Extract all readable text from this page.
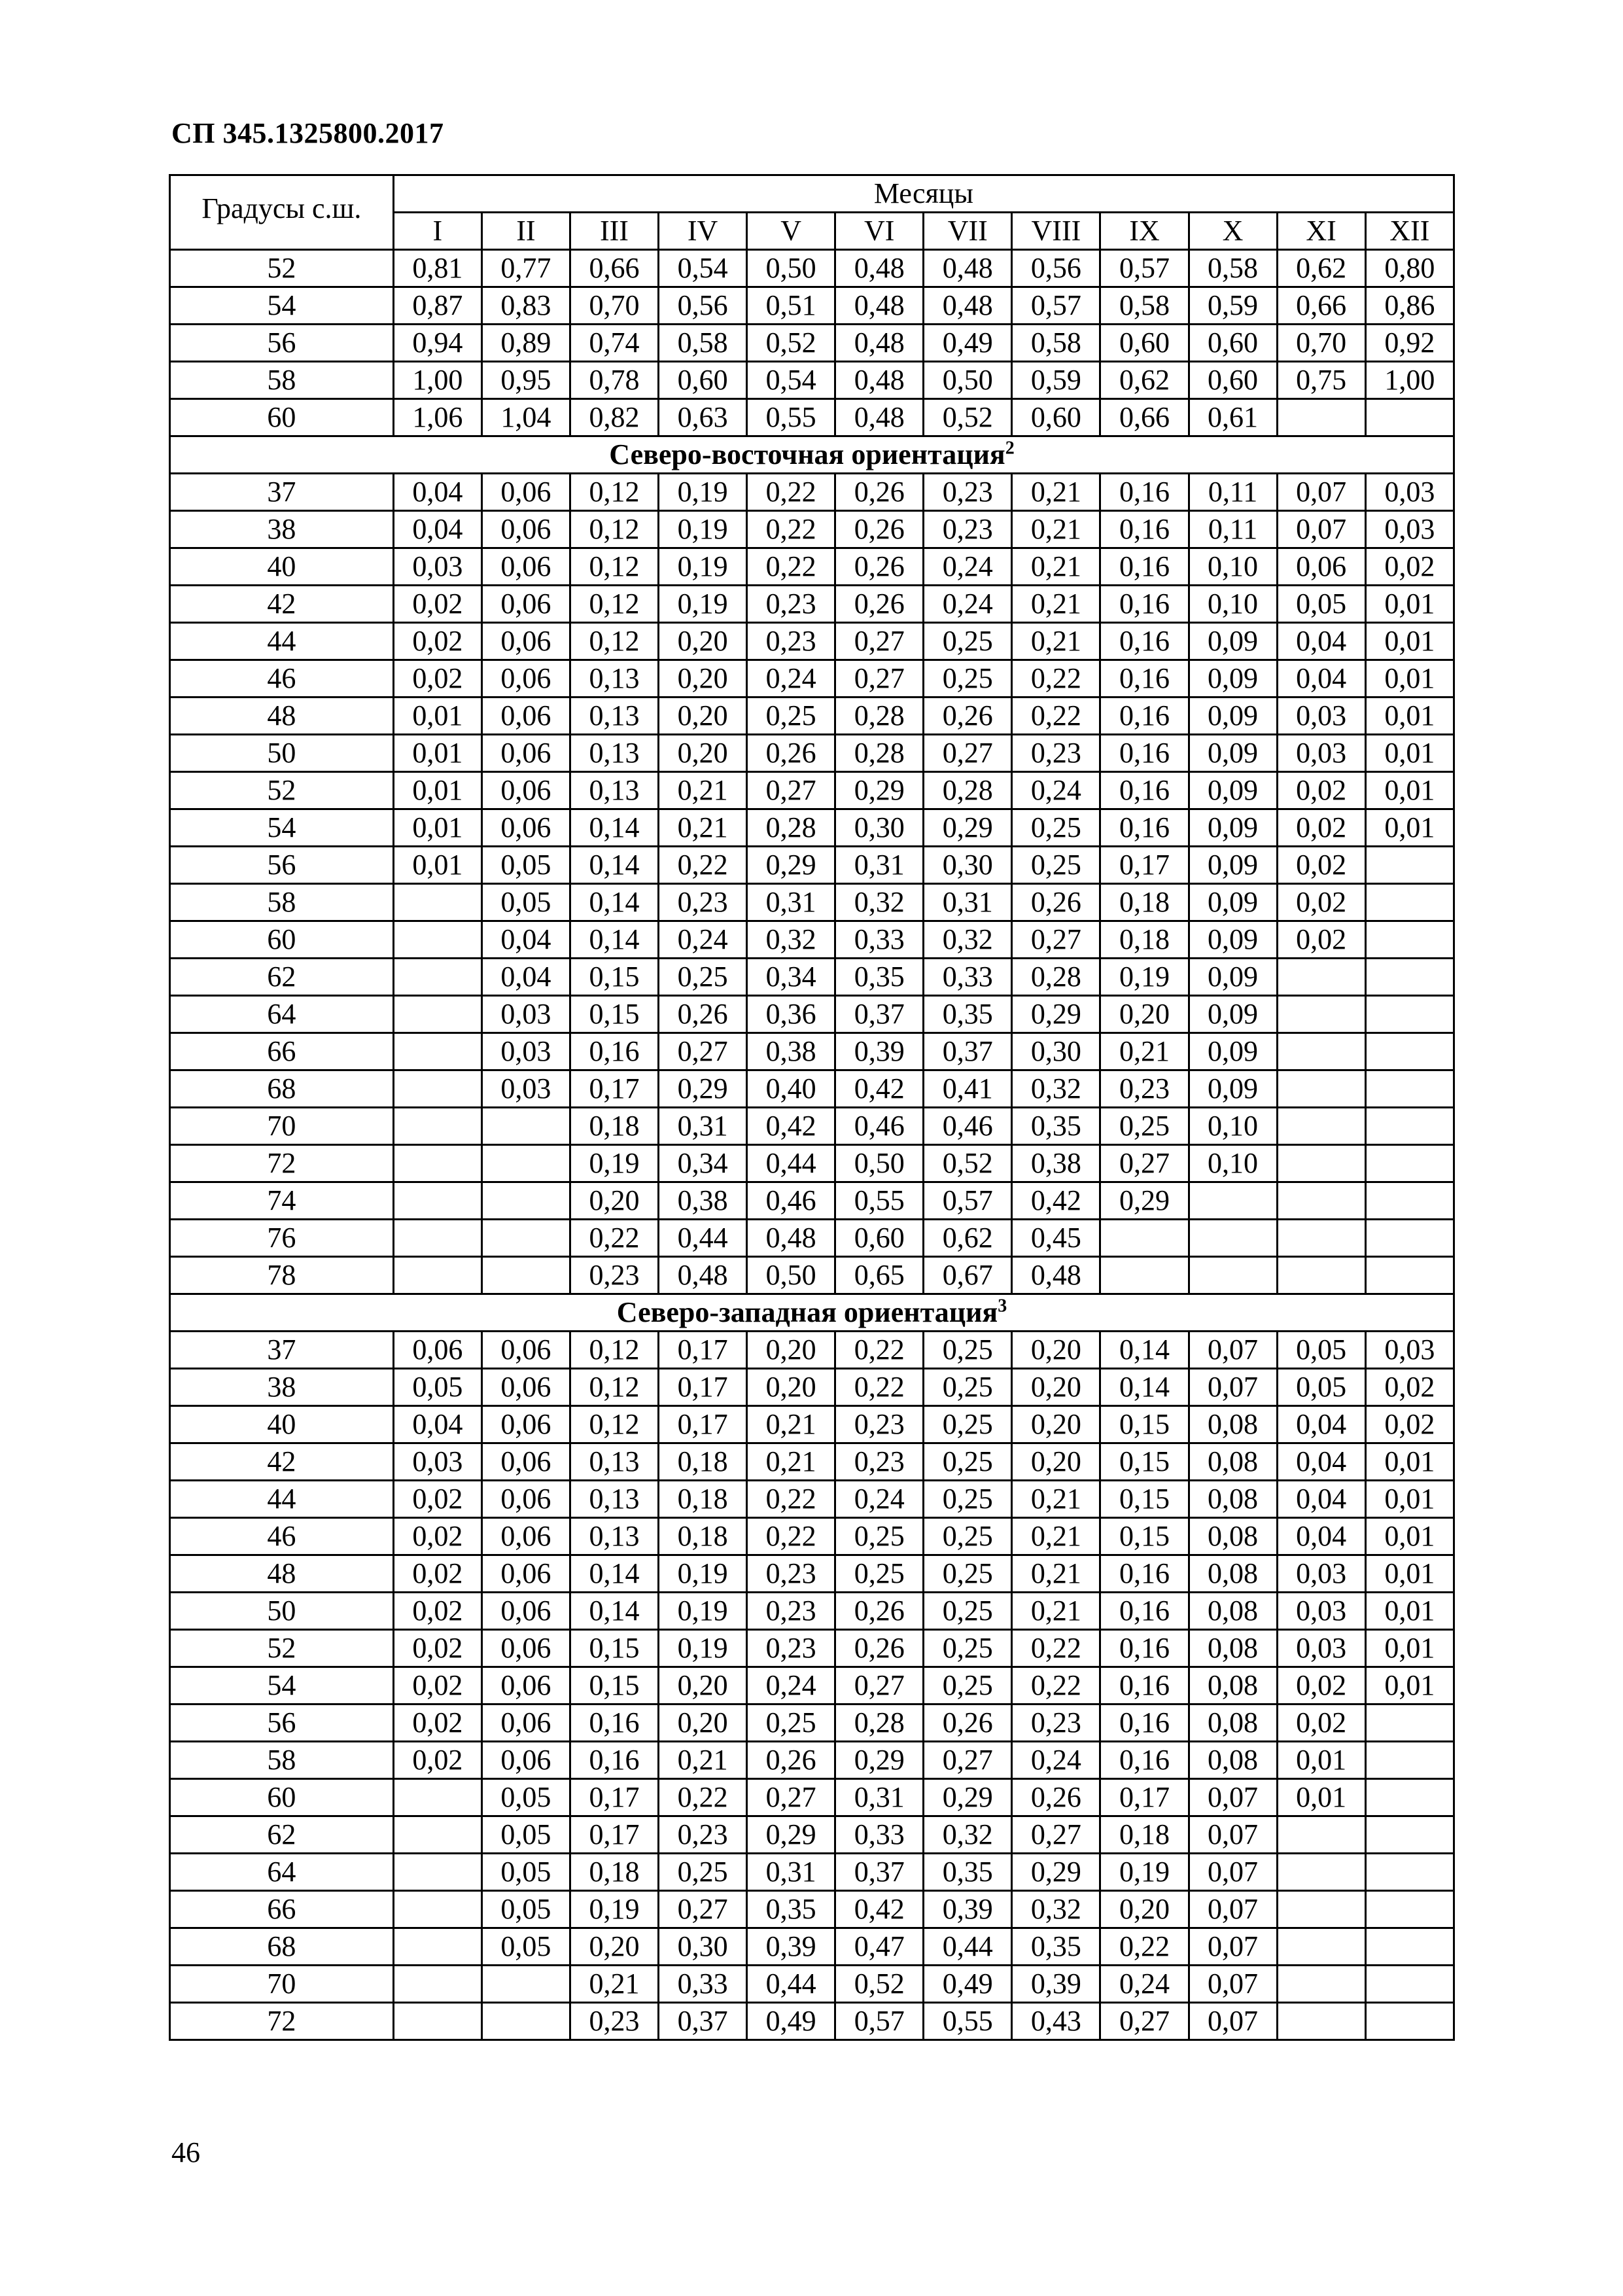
СП 345.1325800.2017
Градусы с.ш.	Месяцы											
	I	II	III	IV	V	VI	VII	VIII	IX	X	XI	XII
52	0,81	0,77	0,66	0,54	0,50	0,48	0,48	0,56	0,57	0,58	0,62	0,80
54	0,87	0,83	0,70	0,56	0,51	0,48	0,48	0,57	0,58	0,59	0,66	0,86
56	0,94	0,89	0,74	0,58	0,52	0,48	0,49	0,58	0,60	0,60	0,70	0,92
58	1,00	0,95	0,78	0,60	0,54	0,48	0,50	0,59	0,62	0,60	0,75	1,00
60	1,06	1,04	0,82	0,63	0,55	0,48	0,52	0,60	0,66	0,61		
Северо-восточная ориентация$^2$
37	0,04	0,06	0,12	0,19	0,22	0,26	0,23	0,21	0,16	0,11	0,07	0,03
38	0,04	0,06	0,12	0,19	0,22	0,26	0,23	0,21	0,16	0,11	0,07	0,03
40	0,03	0,06	0,12	0,19	0,22	0,26	0,24	0,21	0,16	0,10	0,06	0,02
42	0,02	0,06	0,12	0,19	0,23	0,26	0,24	0,21	0,16	0,10	0,05	0,01
44	0,02	0,06	0,12	0,20	0,23	0,27	0,25	0,21	0,16	0,09	0,04	0,01
46	0,02	0,06	0,13	0,20	0,24	0,27	0,25	0,22	0,16	0,09	0,04	0,01
48	0,01	0,06	0,13	0,20	0,25	0,28	0,26	0,22	0,16	0,09	0,03	0,01
50	0,01	0,06	0,13	0,20	0,26	0,28	0,27	0,23	0,16	0,09	0,03	0,01
52	0,01	0,06	0,13	0,21	0,27	0,29	0,28	0,24	0,16	0,09	0,02	0,01
54	0,01	0,06	0,14	0,21	0,28	0,30	0,29	0,25	0,16	0,09	0,02	0,01
56	0,01	0,05	0,14	0,22	0,29	0,31	0,30	0,25	0,17	0,09	0,02	
58		0,05	0,14	0,23	0,31	0,32	0,31	0,26	0,18	0,09	0,02	
60		0,04	0,14	0,24	0,32	0,33	0,32	0,27	0,18	0,09	0,02	
62		0,04	0,15	0,25	0,34	0,35	0,33	0,28	0,19	0,09		
64		0,03	0,15	0,26	0,36	0,37	0,35	0,29	0,20	0,09		
66		0,03	0,16	0,27	0,38	0,39	0,37	0,30	0,21	0,09		
68		0,03	0,17	0,29	0,40	0,42	0,41	0,32	0,23	0,09		
70			0,18	0,31	0,42	0,46	0,46	0,35	0,25	0,10		
72			0,19	0,34	0,44	0,50	0,52	0,38	0,27	0,10		
74			0,20	0,38	0,46	0,55	0,57	0,42	0,29			
76			0,22	0,44	0,48	0,60	0,62	0,45				
78			0,23	0,48	0,50	0,65	0,67	0,48				
Северо-западная ориентация$^3$
37	0,06	0,06	0,12	0,17	0,20	0,22	0,25	0,20	0,14	0,07	0,05	0,03
38	0,05	0,06	0,12	0,17	0,20	0,22	0,25	0,20	0,14	0,07	0,05	0,02
40	0,04	0,06	0,12	0,17	0,21	0,23	0,25	0,20	0,15	0,08	0,04	0,02
42	0,03	0,06	0,13	0,18	0,21	0,23	0,25	0,20	0,15	0,08	0,04	0,01
44	0,02	0,06	0,13	0,18	0,22	0,24	0,25	0,21	0,15	0,08	0,04	0,01
46	0,02	0,06	0,13	0,18	0,22	0,25	0,25	0,21	0,15	0,08	0,04	0,01
48	0,02	0,06	0,14	0,19	0,23	0,25	0,25	0,21	0,16	0,08	0,03	0,01
50	0,02	0,06	0,14	0,19	0,23	0,26	0,25	0,21	0,16	0,08	0,03	0,01
52	0,02	0,06	0,15	0,19	0,23	0,26	0,25	0,22	0,16	0,08	0,03	0,01
54	0,02	0,06	0,15	0,20	0,24	0,27	0,25	0,22	0,16	0,08	0,02	0,01
56	0,02	0,06	0,16	0,20	0,25	0,28	0,26	0,23	0,16	0,08	0,02	
58	0,02	0,06	0,16	0,21	0,26	0,29	0,27	0,24	0,16	0,08	0,01	
60		0,05	0,17	0,22	0,27	0,31	0,29	0,26	0,17	0,07	0,01	
62		0,05	0,17	0,23	0,29	0,33	0,32	0,27	0,18	0,07		
64		0,05	0,18	0,25	0,31	0,37	0,35	0,29	0,19	0,07		
66		0,05	0,19	0,27	0,35	0,42	0,39	0,32	0,20	0,07		
68		0,05	0,20	0,30	0,39	0,47	0,44	0,35	0,22	0,07		
70			0,21	0,33	0,44	0,52	0,49	0,39	0,24	0,07		
72			0,23	0,37	0,49	0,57	0,55	0,43	0,27	0,07		
46
